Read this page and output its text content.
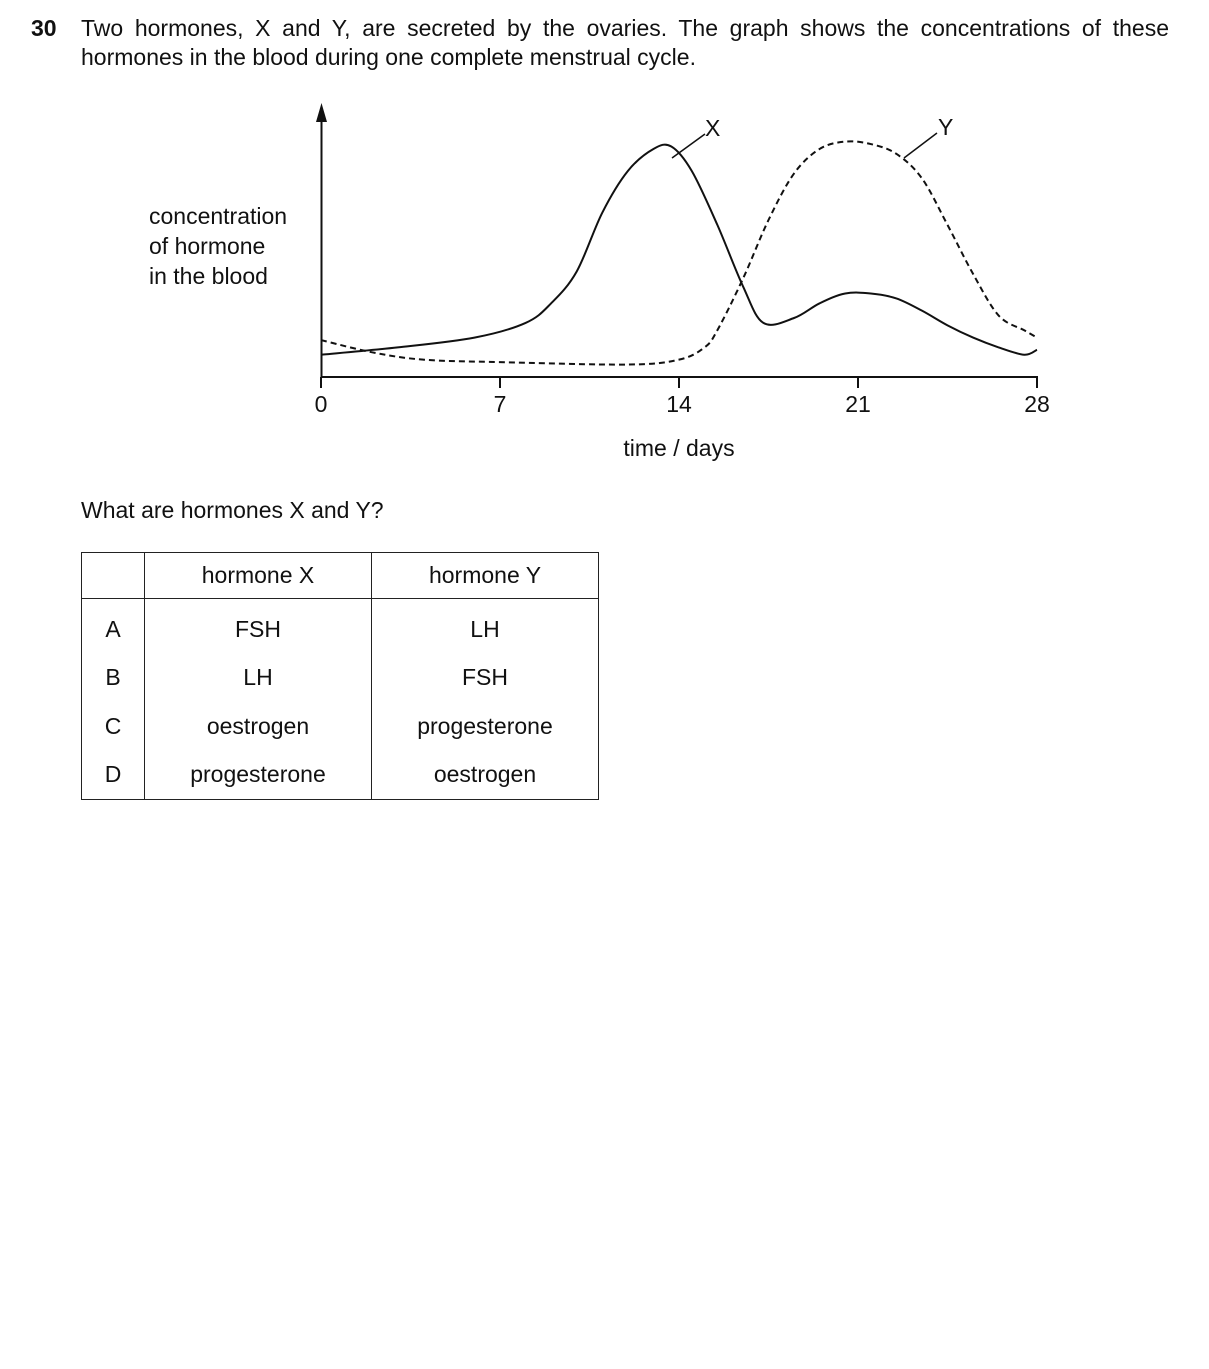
30 Two hormones, X and Y, are secreted by the ovaries. The graph shows the concentrations of these hormones in the blood during one complete menstrual cycle.
concentration
of hormone
in the blood
0	7	14	21	28
time / days
X	Y
What are hormones X and Y?
	hormone X	hormone Y
A	FSH	LH
B	LH	FSH
C	oestrogen	progesterone
D	progesterone	oestrogen
